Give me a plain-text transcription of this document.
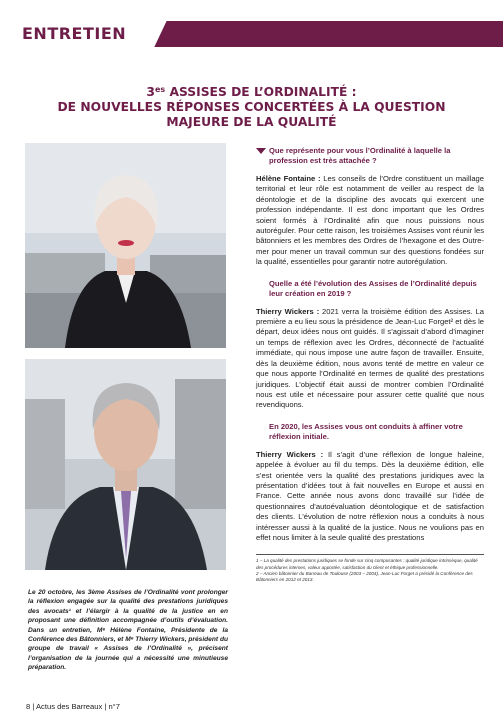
ENTRETIEN
$3^{es}$ ASSISES DE L’ORDINALITÉ :
DE NOUVELLES RÉPONSES CONCERTÉES À LA QUESTION
MAJEURE DE LA QUALITÉ
Le 20 octobre, les 3ème Assises de l’Ordinalité vont prolonger la réflexion engagée sur la qualité des prestations juridiques des avocats¹ et l’élargir à la qualité de la justice en en proposant une définition accompagnée d’outils d’évaluation. Dans un entretien, Mᵉ Hélène Fontaine, Présidente de la Conférence des Bâtonniers, et Mᵉ Thierry Wickers, président du groupe de travail « Assises de l’Ordinalité », précisent l’organisation de la journée qui a nécessité une minutieuse préparation.

Que représente pour vous l’Ordinalité à laquelle la profession est très attachée ?

Hélène Fontaine : Les conseils de l’Ordre constituent un maillage territorial et leur rôle est notamment de veiller au respect de la déontologie et de la discipline des avocats qui exercent une profession indépendante. Il est donc important que les Ordres soient formés à l’Ordinalité afin que nous puissions nous autoréguler. Pour cette raison, les troisièmes Assises vont réunir les bâtonniers et les membres des Ordres de l’hexagone et des Outre-mer pour mener un travail commun sur des questions fondées sur la qualité, essentielles pour garantir notre autorégulation.

Quelle a été l’évolution des Assises de l’Ordinalité depuis leur création en 2019 ?

Thierry Wickers : 2021 verra la troisième édition des Assises. La première a eu lieu sous la présidence de Jean-Luc Forget² et dès le départ, deux idées nous ont guidés. Il s’agissait d’abord d’imaginer un temps de réflexion avec les Ordres, déconnecté de l’actualité immédiate, qui nous impose une autre façon de travailler. Ensuite, dès la deuxième édition, nous avons tenté de mettre en valeur ce que nous apporte l’Ordinalité en termes de qualité des prestations juridiques. L’objectif était aussi de montrer combien l’Ordinalité nous est utile et nécessaire pour assurer cette qualité que nous revendiquons.

En 2020, les Assises vous ont conduits à affiner votre réflexion initiale.

Thierry Wickers : Il s’agit d’une réflexion de longue haleine, appelée à évoluer au fil du temps. Dès la deuxième édition, elle s’est orientée vers la qualité des prestations juridiques avec la présentation d’idées tout à fait nouvelles en Europe et aussi en France. Cette année nous avons donc travaillé sur l’idée de questionnaires d’autoévaluation déontologique et de satisfaction des clients. L’évolution de notre réflexion nous a conduits à nous intéresser aussi à la qualité de la justice. Nous ne voulions pas en effet nous limiter à la seule qualité des prestations

1 – La qualité des prestations juridiques se fonde sur cinq composantes : qualité juridique intrinsèque, qualité des procédures internes, valeur apportée, satisfaction du client et éthique professionnelle.
2 – Ancien bâtonnier du Barreau de Toulouse (2003 – 2004), Jean-Luc Forget a présidé la Conférence des Bâtonniers en 2012 et 2013.
8 | Actus des Barreaux | n°7
